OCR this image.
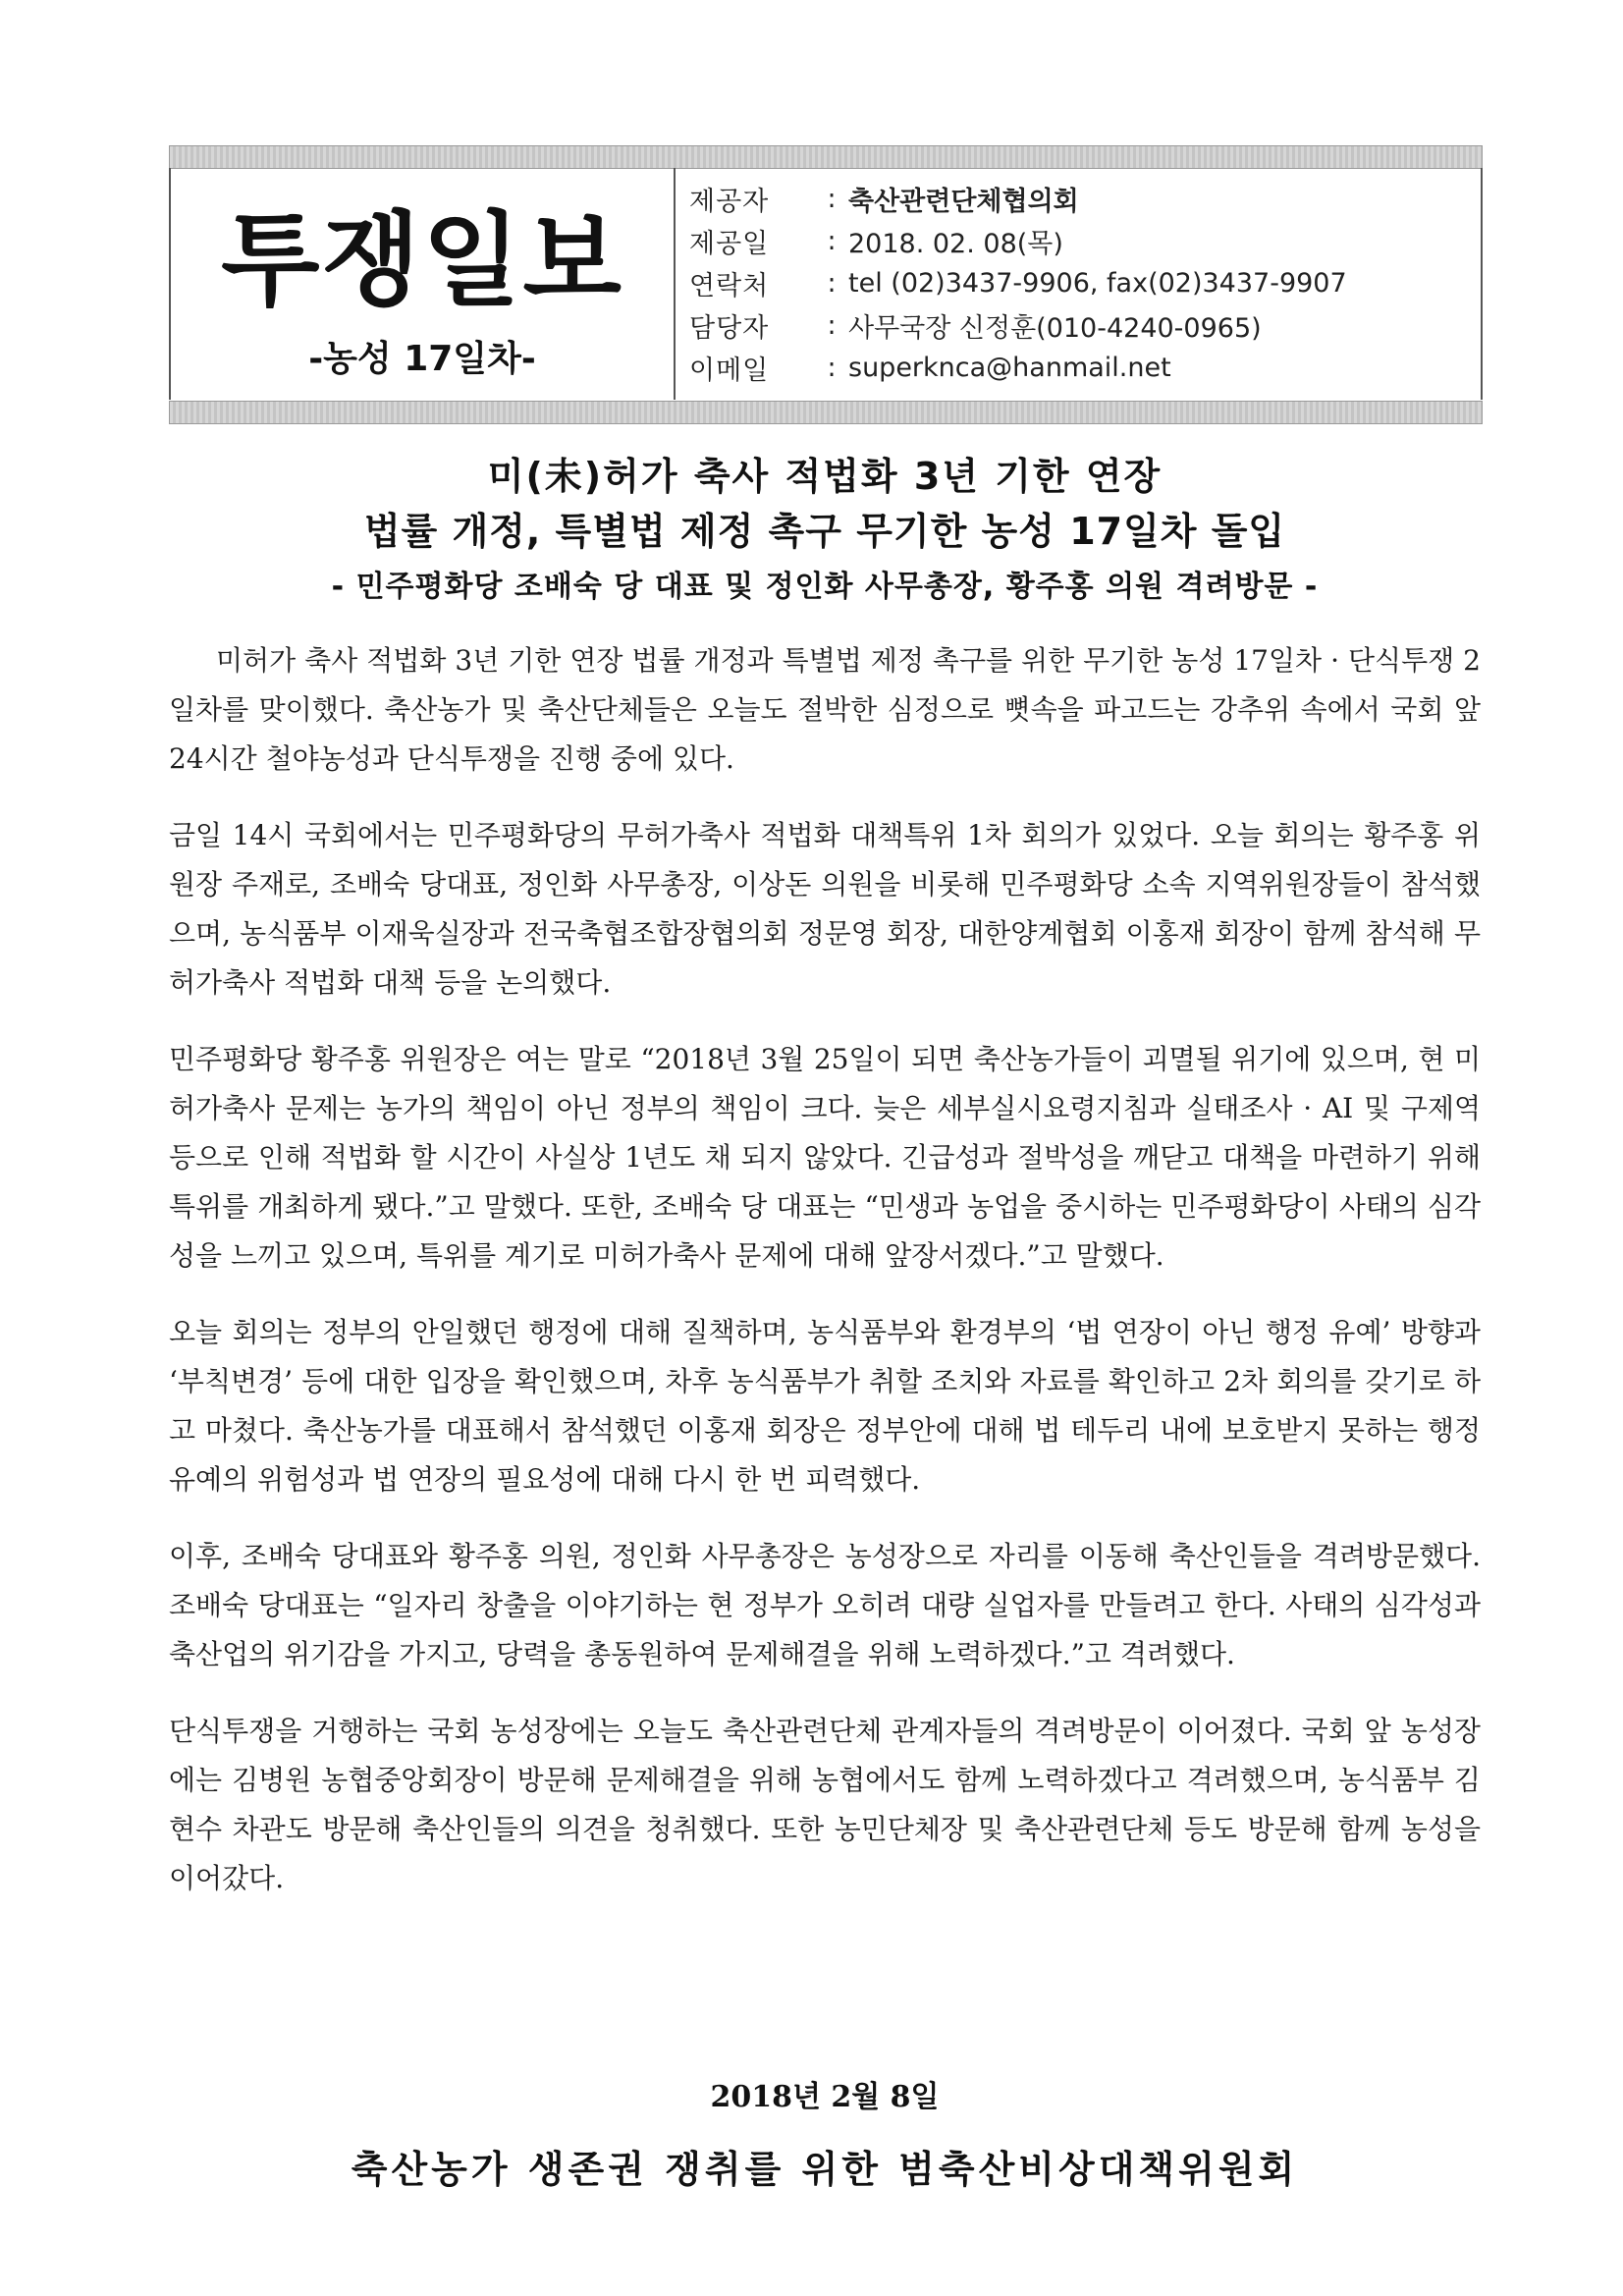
투쟁일보
-농성 17일차-
제공자	: 축산관련단체협의회
제공일	: 2018. 02. 08(목)
연락처	: tel (02)3437-9906, fax(02)3437-9907
담당자	: 사무국장 신정훈(010-4240-0965)
이메일	: superknca@hanmail.net
미(未)허가 축사 적법화 3년 기한 연장
법률 개정, 특별법 제정 촉구 무기한 농성 17일차 돌입
- 민주평화당 조배숙 당 대표 및 정인화 사무총장, 황주홍 의원 격려방문 -

미허가 축사 적법화 3년 기한 연장 법률 개정과 특별법 제정 촉구를 위한 무기한 농성 17일차 · 단식투쟁 2일차를 맞이했다. 축산농가 및 축산단체들은 오늘도 절박한 심정으로 뼛속을 파고드는 강추위 속에서 국회 앞 24시간 철야농성과 단식투쟁을 진행 중에 있다.

금일 14시 국회에서는 민주평화당의 무허가축사 적법화 대책특위 1차 회의가 있었다. 오늘 회의는 황주홍 위원장 주재로, 조배숙 당대표, 정인화 사무총장, 이상돈 의원을 비롯해 민주평화당 소속 지역위원장들이 참석했으며, 농식품부 이재욱실장과 전국축협조합장협의회 정문영 회장, 대한양계협회 이홍재 회장이 함께 참석해 무허가축사 적법화 대책 등을 논의했다.

민주평화당 황주홍 위원장은 여는 말로 “2018년 3월 25일이 되면 축산농가들이 괴멸될 위기에 있으며, 현 미허가축사 문제는 농가의 책임이 아닌 정부의 책임이 크다. 늦은 세부실시요령지침과 실태조사 · AI 및 구제역 등으로 인해 적법화 할 시간이 사실상 1년도 채 되지 않았다. 긴급성과 절박성을 깨닫고 대책을 마련하기 위해 특위를 개최하게 됐다.”고 말했다. 또한, 조배숙 당 대표는 “민생과 농업을 중시하는 민주평화당이 사태의 심각성을 느끼고 있으며, 특위를 계기로 미허가축사 문제에 대해 앞장서겠다.”고 말했다.

오늘 회의는 정부의 안일했던 행정에 대해 질책하며, 농식품부와 환경부의 ‘법 연장이 아닌 행정 유예’ 방향과 ‘부칙변경’ 등에 대한 입장을 확인했으며, 차후 농식품부가 취할 조치와 자료를 확인하고 2차 회의를 갖기로 하고 마쳤다. 축산농가를 대표해서 참석했던 이홍재 회장은 정부안에 대해 법 테두리 내에 보호받지 못하는 행정유예의 위험성과 법 연장의 필요성에 대해 다시 한 번 피력했다.

이후, 조배숙 당대표와 황주홍 의원, 정인화 사무총장은 농성장으로 자리를 이동해 축산인들을 격려방문했다. 조배숙 당대표는 “일자리 창출을 이야기하는 현 정부가 오히려 대량 실업자를 만들려고 한다. 사태의 심각성과 축산업의 위기감을 가지고, 당력을 총동원하여 문제해결을 위해 노력하겠다.”고 격려했다.

단식투쟁을 거행하는 국회 농성장에는 오늘도 축산관련단체 관계자들의 격려방문이 이어졌다. 국회 앞 농성장에는 김병원 농협중앙회장이 방문해 문제해결을 위해 농협에서도 함께 노력하겠다고 격려했으며, 농식품부 김현수 차관도 방문해 축산인들의 의견을 청취했다. 또한 농민단체장 및 축산관련단체 등도 방문해 함께 농성을 이어갔다.

2018년 2월 8일
축산농가 생존권 쟁취를 위한 범축산비상대책위원회
